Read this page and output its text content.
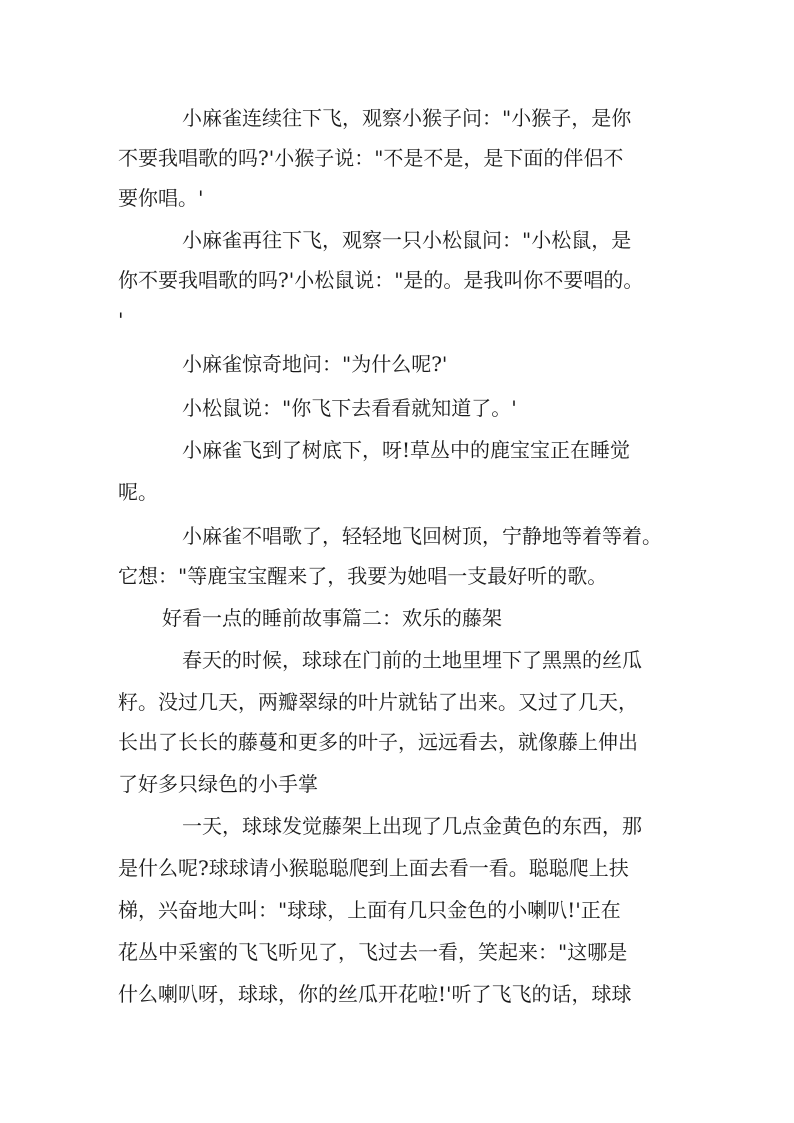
小麻雀连续往下飞，观察小猴子问："小猴子，是你
不要我唱歌的吗?'小猴子说："不是不是，是下面的伴侣不
要你唱。'
小麻雀再往下飞，观察一只小松鼠问："小松鼠，是
你不要我唱歌的吗?'小松鼠说："是的。是我叫你不要唱的。
'
小麻雀惊奇地问："为什么呢?'
小松鼠说："你飞下去看看就知道了。'
小麻雀飞到了树底下，呀!草丛中的鹿宝宝正在睡觉
呢。
小麻雀不唱歌了，轻轻地飞回树顶，宁静地等着等着。
它想："等鹿宝宝醒来了，我要为她唱一支最好听的歌。
好看一点的睡前故事篇二：欢乐的藤架
春天的时候，球球在门前的土地里埋下了黑黑的丝瓜
籽。没过几天，两瓣翠绿的叶片就钻了出来。又过了几天，
长出了长长的藤蔓和更多的叶子，远远看去，就像藤上伸出
了好多只绿色的小手掌
一天，球球发觉藤架上出现了几点金黄色的东西，那
是什么呢?球球请小猴聪聪爬到上面去看一看。聪聪爬上扶
梯，兴奋地大叫："球球，上面有几只金色的小喇叭!'正在
花丛中采蜜的飞飞听见了，飞过去一看，笑起来："这哪是
什么喇叭呀，球球，你的丝瓜开花啦!'听了飞飞的话，球球
